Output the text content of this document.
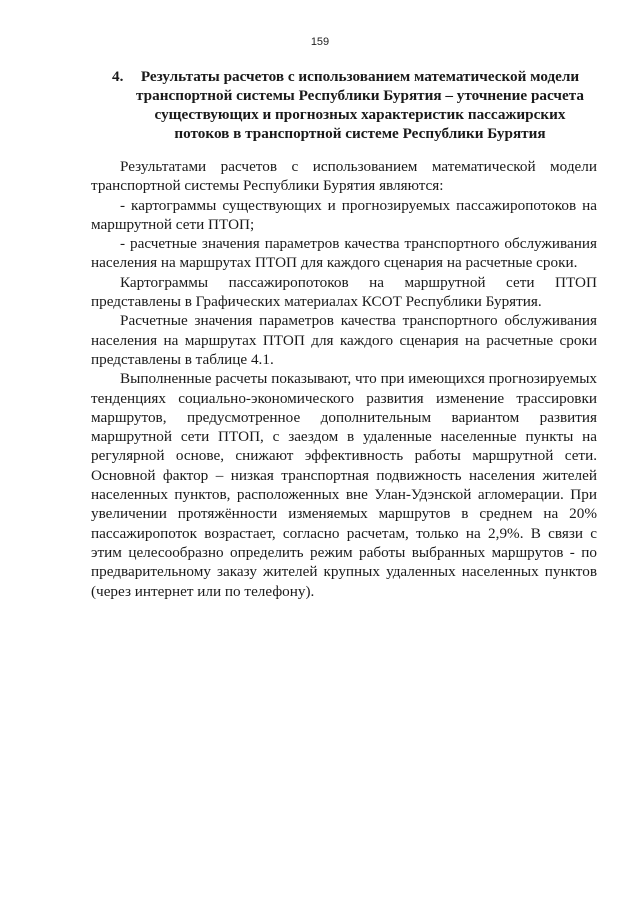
159
4.	Результаты расчетов с использованием математической модели транспортной системы Республики Бурятия – уточнение расчета существующих и прогнозных характеристик пассажирских потоков в транспортной системе Республики Бурятия

Результатами расчетов с использованием математической модели транспортной системы Республики Бурятия являются:

- картограммы существующих и прогнозируемых пассажиропотоков на маршрутной сети ПТОП;

- расчетные значения параметров качества транспортного обслуживания населения на маршрутах ПТОП для каждого сценария на расчетные сроки.

Картограммы пассажиропотоков на маршрутной сети ПТОП представлены в Графических материалах КСОТ Республики Бурятия.

Расчетные значения параметров качества транспортного обслуживания населения на маршрутах ПТОП для каждого сценария на расчетные сроки представлены в таблице 4.1.

Выполненные расчеты показывают, что при имеющихся прогнозируемых тенденциях социально-экономического развития изменение трассировки маршрутов, предусмотренное дополнительным вариантом развития маршрутной сети ПТОП, с заездом в удаленные населенные пункты на регулярной основе, снижают эффективность работы маршрутной сети. Основной фактор – низкая транспортная подвижность населения жителей населенных пунктов, расположенных вне Улан-Удэнской агломерации. При увеличении протяжённости изменяемых маршрутов в среднем на 20% пассажиропоток возрастает, согласно расчетам, только на 2,9%. В связи с этим целесообразно определить режим работы выбранных маршрутов - по предварительному заказу жителей крупных удаленных населенных пунктов (через интернет или по телефону).
